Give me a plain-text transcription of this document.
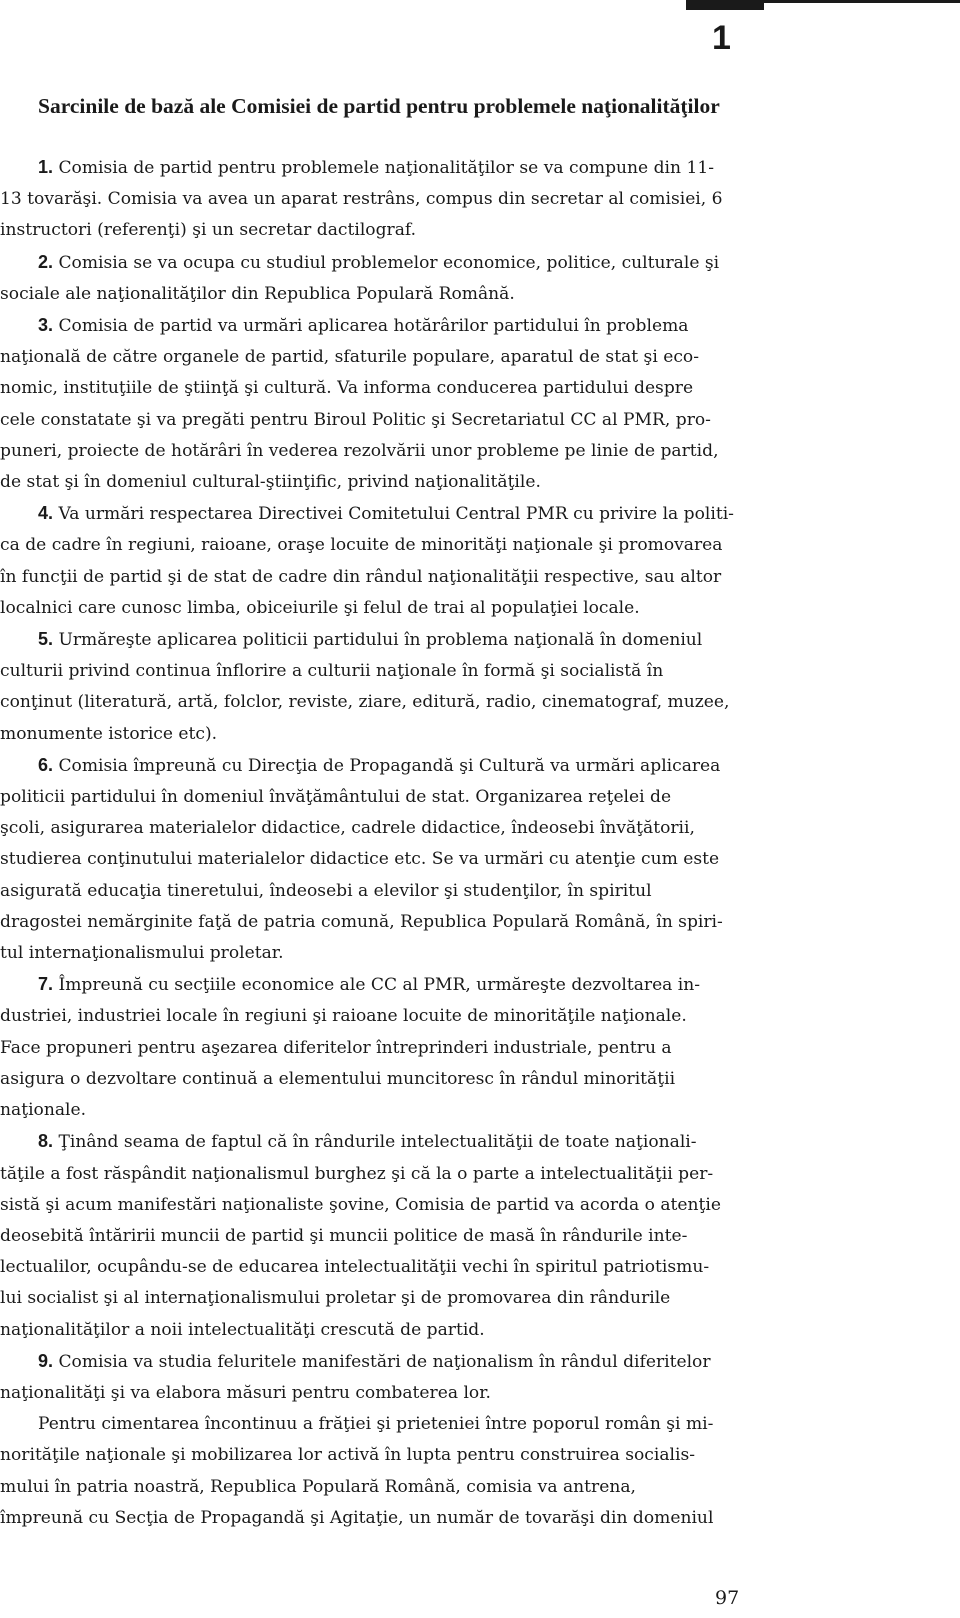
1
Sarcinile de bază ale Comisiei de partid pentru problemele naţionalităţilor
1. Comisia de partid pentru problemele naţionalităţilor se va compune din 11-
13 tovarăşi. Comisia va avea un aparat restrâns, compus din secretar al comisiei, 6
instructori (referenţi) şi un secretar dactilograf.
2. Comisia se va ocupa cu studiul problemelor economice, politice, culturale şi
sociale ale naţionalităţilor din Republica Populară Română.
3. Comisia de partid va urmări aplicarea hotărârilor partidului în problema
naţională de către organele de partid, sfaturile populare, aparatul de stat şi eco-
nomic, instituţiile de ştiinţă şi cultură. Va informa conducerea partidului despre
cele constatate şi va pregăti pentru Biroul Politic şi Secretariatul CC al PMR, pro-
puneri, proiecte de hotărâri în vederea rezolvării unor probleme pe linie de partid,
de stat şi în domeniul cultural-ştiinţific, privind naţionalităţile.
4. Va urmări respectarea Directivei Comitetului Central PMR cu privire la politi-
ca de cadre în regiuni, raioane, oraşe locuite de minorităţi naţionale şi promovarea
în funcţii de partid şi de stat de cadre din rândul naţionalităţii respective, sau altor
localnici care cunosc limba, obiceiurile şi felul de trai al populaţiei locale.
5. Urmăreşte aplicarea politicii partidului în problema naţională în domeniul
culturii privind continua înflorire a culturii naţionale în formă şi socialistă în
conţinut (literatură, artă, folclor, reviste, ziare, editură, radio, cinematograf, muzee,
monumente istorice etc).
6. Comisia împreună cu Direcţia de Propagandă şi Cultură va urmări aplicarea
politicii partidului în domeniul învăţământului de stat. Organizarea reţelei de
şcoli, asigurarea materialelor didactice, cadrele didactice, îndeosebi învăţătorii,
studierea conţinutului materialelor didactice etc. Se va urmări cu atenţie cum este
asigurată educaţia tineretului, îndeosebi a elevilor şi studenţilor, în spiritul
dragostei nemărginite faţă de patria comună, Republica Populară Română, în spiri-
tul internaţionalismului proletar.
7. Împreună cu secţiile economice ale CC al PMR, urmăreşte dezvoltarea in-
dustriei, industriei locale în regiuni şi raioane locuite de minorităţile naţionale.
Face propuneri pentru aşezarea diferitelor întreprinderi industriale, pentru a
asigura o dezvoltare continuă a elementului muncitoresc în rândul minorităţii
naţionale.
8. Ţinând seama de faptul că în rândurile intelectualităţii de toate naţionali-
tăţile a fost răspândit naţionalismul burghez şi că la o parte a intelectualităţii per-
sistă şi acum manifestări naţionaliste şovine, Comisia de partid va acorda o atenţie
deosebită întăririi muncii de partid şi muncii politice de masă în rândurile inte-
lectualilor, ocupându-se de educarea intelectualităţii vechi în spiritul patriotismu-
lui socialist şi al internaţionalismului proletar şi de promovarea din rândurile
naţionalităţilor a noii intelectualităţi crescută de partid.
9. Comisia va studia feluritele manifestări de naţionalism în rândul diferitelor
naţionalităţi şi va elabora măsuri pentru combaterea lor.
Pentru cimentarea încontinuu a frăţiei şi prieteniei între poporul român şi mi-
norităţile naţionale şi mobilizarea lor activă în lupta pentru construirea socialis-
mului în patria noastră, Republica Populară Română, comisia va antrena,
împreună cu Secţia de Propagandă şi Agitaţie, un număr de tovarăşi din domeniul
97
